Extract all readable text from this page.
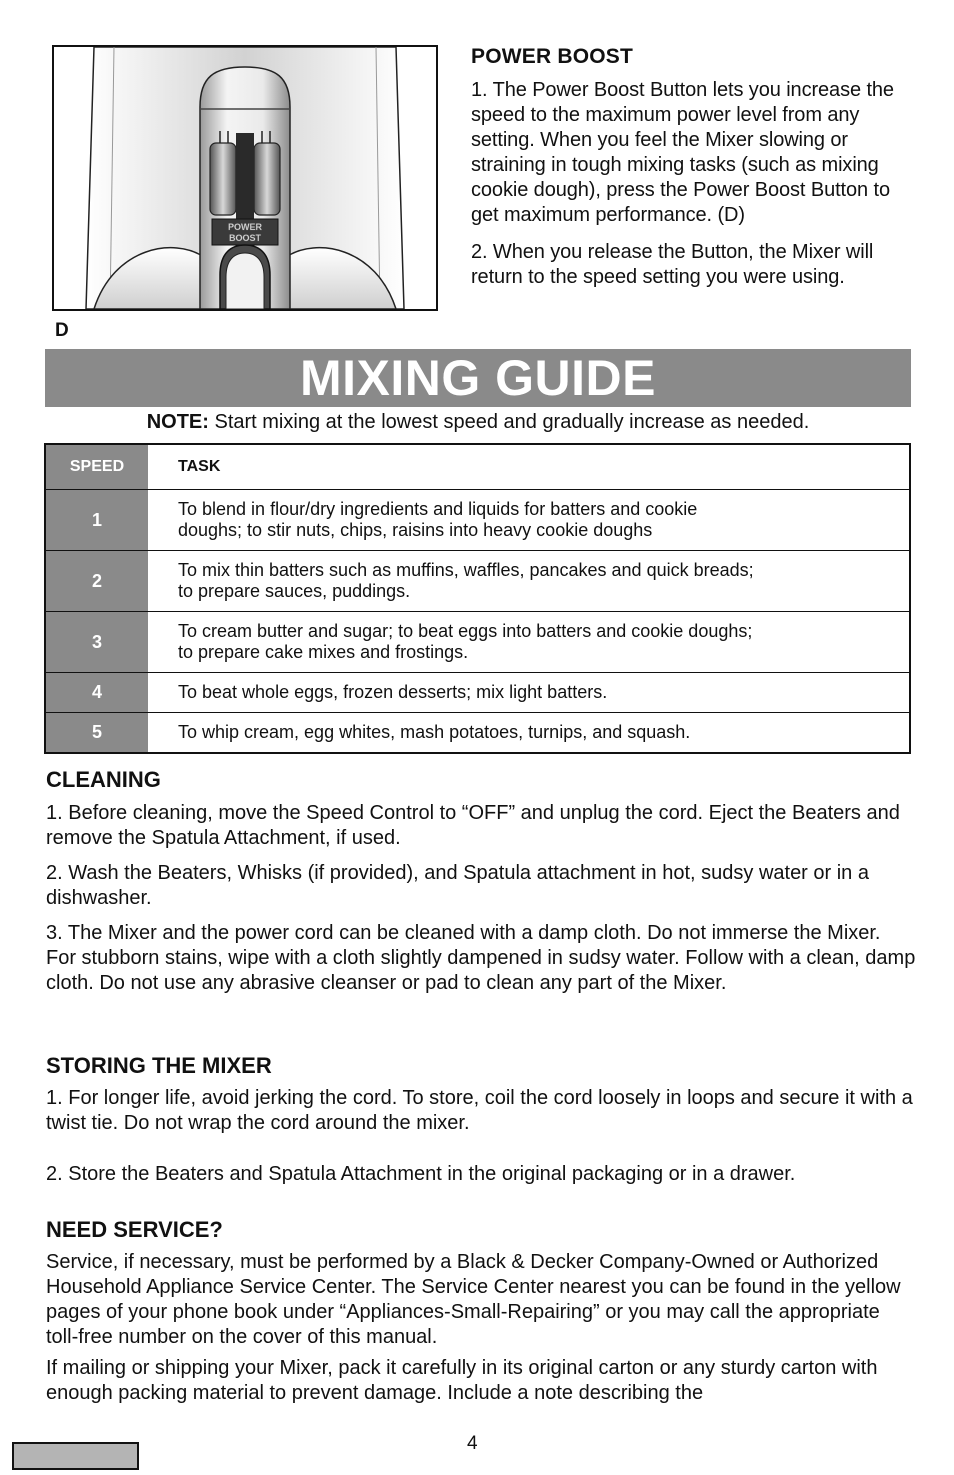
POWER
BOOST
D
POWER BOOST

1. The Power Boost Button lets you increase the speed to the maximum power level from any setting. When you feel the Mixer slowing or straining in tough mixing tasks (such as mixing cookie dough), press the Power Boost Button to get maximum performance. (D)

2. When you release the Button, the Mixer will return to the speed setting you were using.

MIXING GUIDE
NOTE: Start mixing at the lowest speed and gradually increase as needed.
SPEED	TASK
1	To blend in flour/dry ingredients and liquids for batters and cookie
doughs; to stir nuts, chips, raisins into heavy cookie doughs

2	To mix thin batters such as muffins, waffles, pancakes and quick breads;
to prepare sauces, puddings.

3	To cream butter and sugar; to beat eggs into batters and cookie doughs;
to prepare cake mixes and frostings.

4	To beat whole eggs, frozen desserts; mix light batters.

5	To whip cream, egg whites, mash potatoes, turnips, and squash.
CLEANING

1. Before cleaning, move the Speed Control to “OFF” and unplug the cord. Eject the Beaters and remove the Spatula Attachment, if used.

2. Wash the Beaters, Whisks (if provided), and Spatula attachment in hot, sudsy water or in a dishwasher.

3. The Mixer and the power cord can be cleaned with a damp cloth. Do not immerse the Mixer. For stubborn stains, wipe with a cloth slightly dampened in sudsy water. Follow with a clean, damp cloth. Do not use any abrasive cleanser or pad to clean any part of the Mixer.

STORING THE MIXER

1. For longer life, avoid jerking the cord. To store, coil the cord loosely in loops and secure it with a twist tie. Do not wrap the cord around the mixer.

2. Store the Beaters and Spatula Attachment in the original packaging or in a drawer.

NEED SERVICE?

Service, if necessary, must be performed by a Black & Decker Company-Owned or Authorized Household Appliance Service Center. The Service Center nearest you can be found in the yellow pages of your phone book under “Appliances-Small-Repairing” or you may call the appropriate toll-free number on the cover of this manual.

If mailing or shipping your Mixer, pack it carefully in its original carton or any sturdy carton with enough packing material to prevent damage. Include a note describing the

4
